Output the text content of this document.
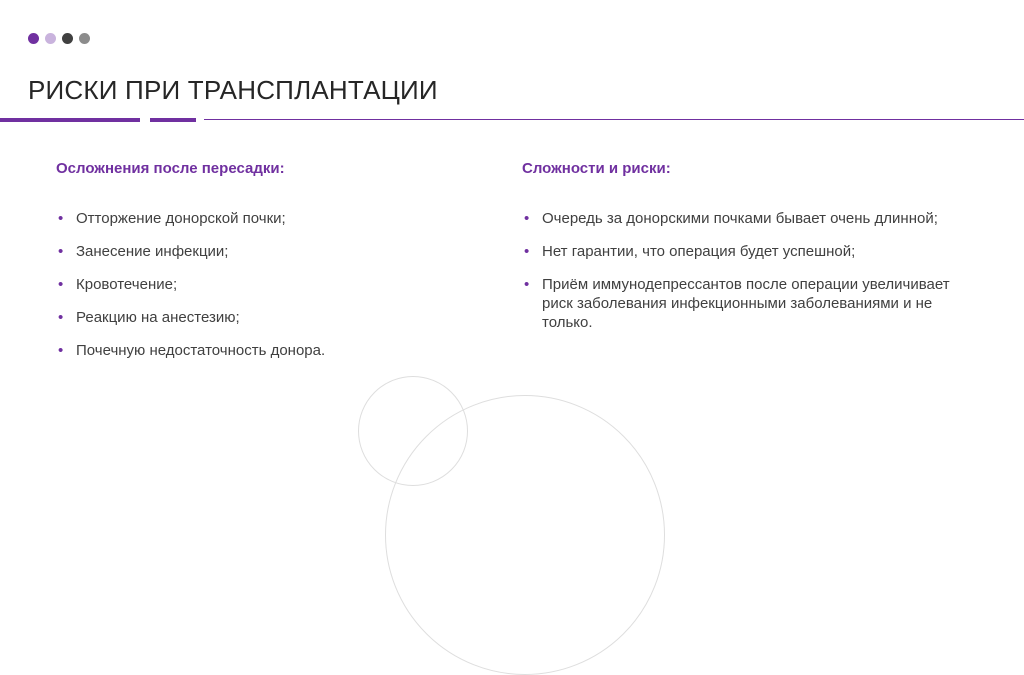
РИСКИ ПРИ ТРАНСПЛАНТАЦИИ
Осложнения после пересадки:
• Отторжение донорской почки;
• Занесение инфекции;
• Кровотечение;
• Реакцию на анестезию;
• Почечную недостаточность донора.
Сложности и риски:
• Очередь за донорскими почками бывает очень длинной;
• Нет гарантии, что операция будет успешной;
• Приём иммунодепрессантов после операции увеличивает риск заболевания инфекционными заболеваниями и не только.
